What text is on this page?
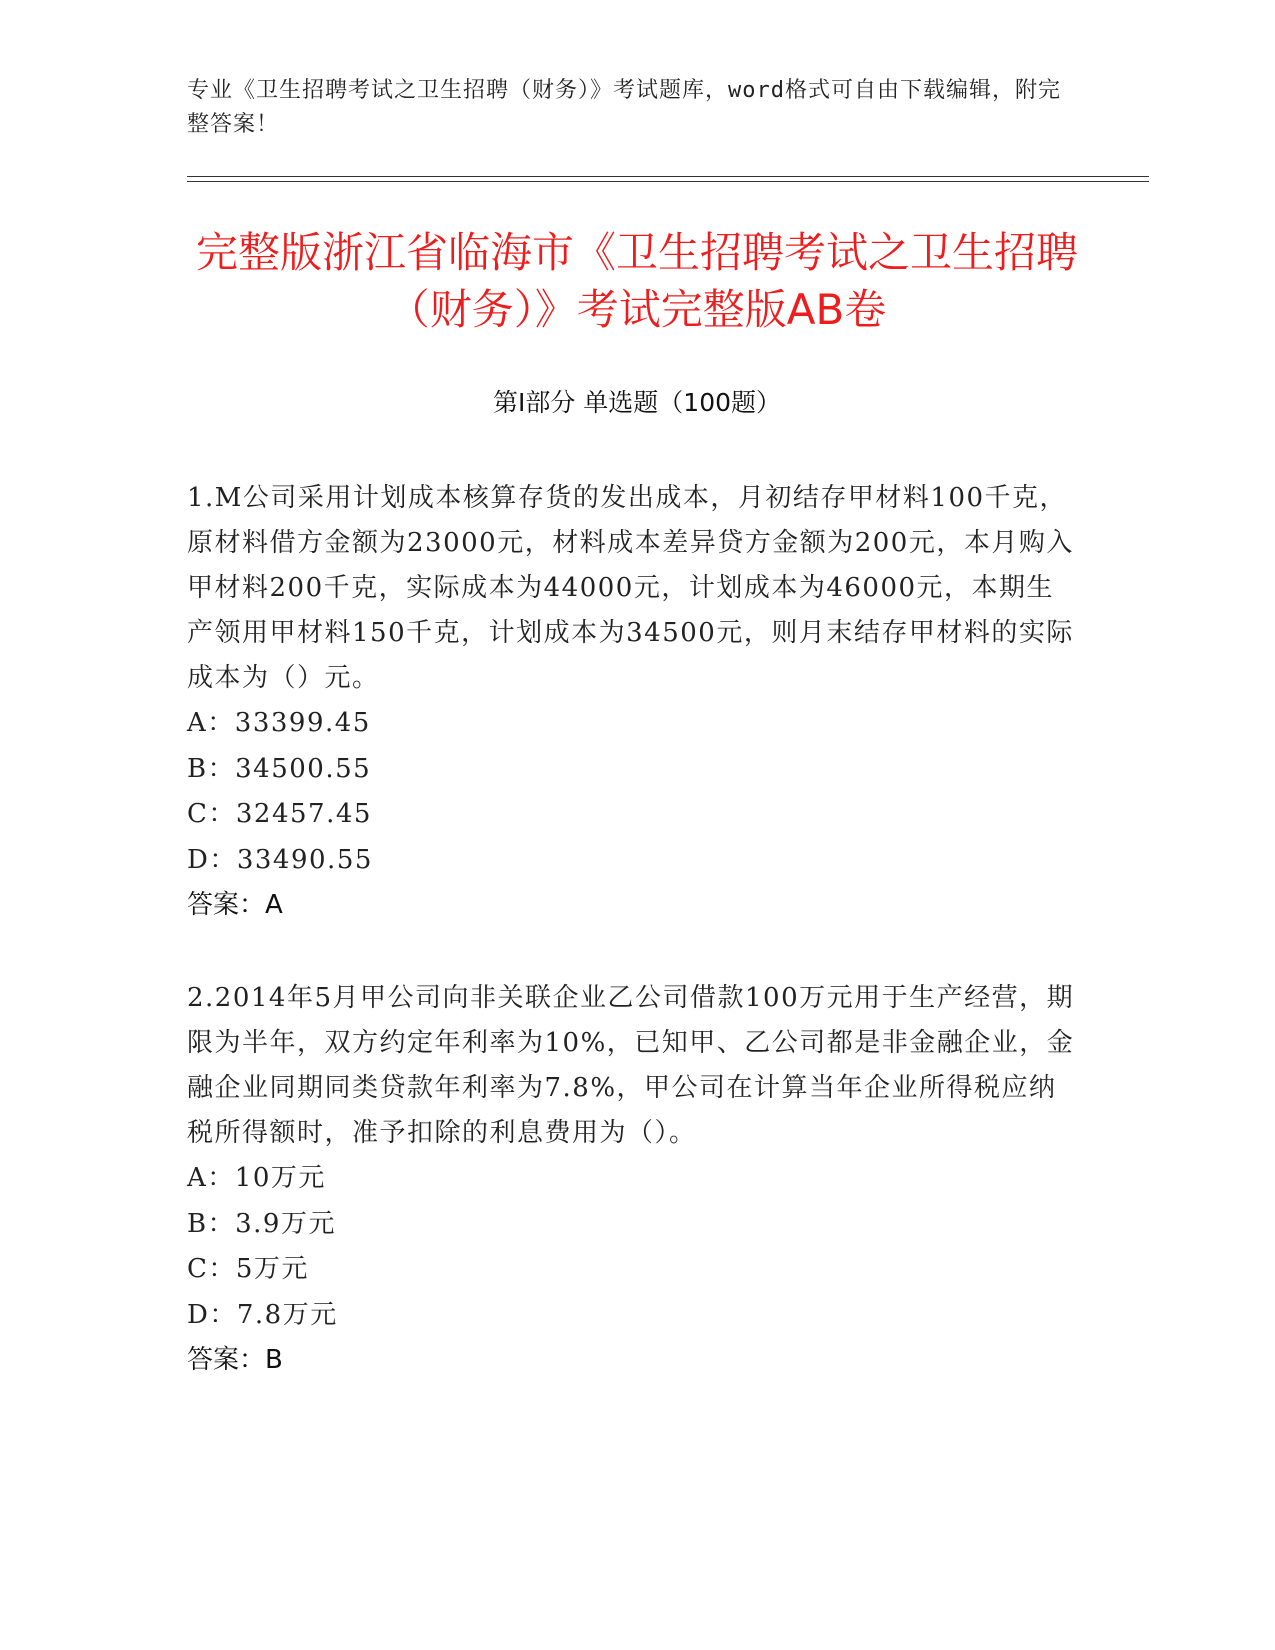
专业《卫生招聘考试之卫生招聘（财务）》考试题库，word格式可自由下载编辑，附完整答案！
完整版浙江省临海市《卫生招聘考试之卫生招聘（财务）》考试完整版AB卷
第I部分 单选题（100题）

1.M公司采用计划成本核算存货的发出成本，月初结存甲材料100千克，原材料借方金额为23000元，材料成本差异贷方金额为200元，本月购入甲材料200千克，实际成本为44000元，计划成本为46000元，本期生产领用甲材料150千克，计划成本为34500元，则月末结存甲材料的实际成本为（）元。

A：33399.45
B：34500.55
C：32457.45
D：33490.55
答案：A

2.2014年5月甲公司向非关联企业乙公司借款100万元用于生产经营，期限为半年，双方约定年利率为10%，已知甲、乙公司都是非金融企业，金融企业同期同类贷款年利率为7.8%，甲公司在计算当年企业所得税应纳税所得额时，准予扣除的利息费用为（）。

A：10万元
B：3.9万元
C：5万元
D：7.8万元
答案：B
